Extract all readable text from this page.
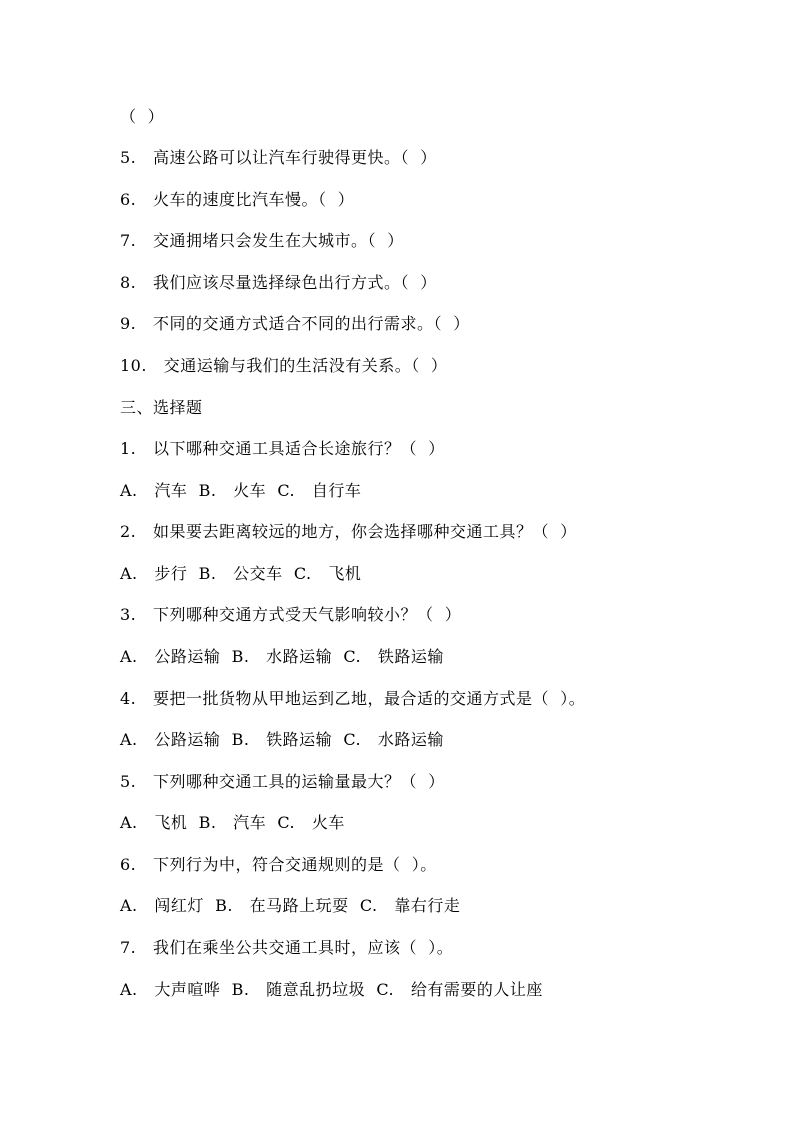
（  ）
5.   高速公路可以让汽车行驶得更快。（  ）
6.   火车的速度比汽车慢。（  ）
7.   交通拥堵只会发生在大城市。（  ）
8.   我们应该尽量选择绿色出行方式。（  ）
9.   不同的交通方式适合不同的出行需求。（  ）
10.   交通运输与我们的生活没有关系。（  ）
三、选择题
1.   以下哪种交通工具适合长途旅行？（  ）
A.   汽车  B.   火车  C.   自行车
2.   如果要去距离较远的地方，你会选择哪种交通工具？（  ）
A.   步行  B.   公交车  C.   飞机
3.   下列哪种交通方式受天气影响较小？（  ）
A.   公路运输  B.   水路运输  C.   铁路运输
4.   要把一批货物从甲地运到乙地，最合适的交通方式是（  ）。
A.   公路运输  B.   铁路运输  C.   水路运输
5.   下列哪种交通工具的运输量最大？（  ）
A.   飞机  B.   汽车  C.   火车
6.   下列行为中，符合交通规则的是（  ）。
A.   闯红灯  B.   在马路上玩耍  C.   靠右行走
7.   我们在乘坐公共交通工具时，应该（  ）。
A.   大声喧哗  B.   随意乱扔垃圾  C.   给有需要的人让座
